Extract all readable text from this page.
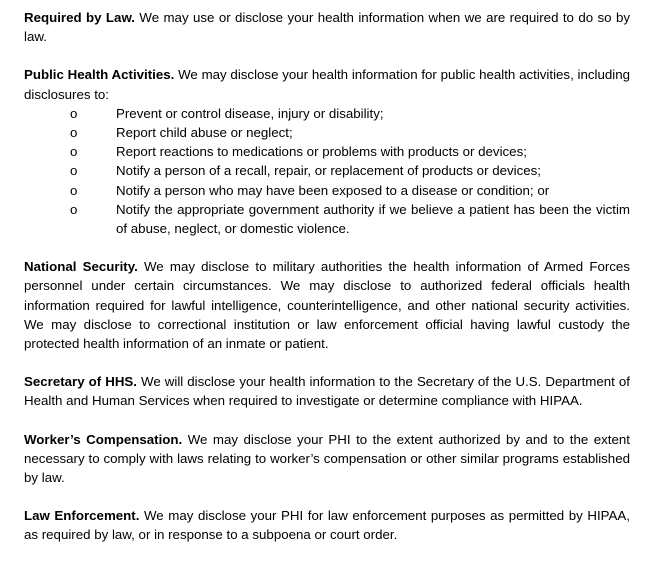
Required by Law. We may use or disclose your health information when we are required to do so by law.

Public Health Activities. We may disclose your health information for public health activities, including disclosures to:
o	Prevent or control disease, injury or disability;
o	Report child abuse or neglect;
o	Report reactions to medications or problems with products or devices;
o	Notify a person of a recall, repair, or replacement of products or devices;
o	Notify a person who may have been exposed to a disease or condition; or
o	Notify the appropriate government authority if we believe a patient has been the victim of abuse, neglect, or domestic violence.

National Security. We may disclose to military authorities the health information of Armed Forces personnel under certain circumstances. We may disclose to authorized federal officials health information required for lawful intelligence, counterintelligence, and other national security activities. We may disclose to correctional institution or law enforcement official having lawful custody the protected health information of an inmate or patient.

Secretary of HHS. We will disclose your health information to the Secretary of the U.S. Department of Health and Human Services when required to investigate or determine compliance with HIPAA.

Worker’s Compensation. We may disclose your PHI to the extent authorized by and to the extent necessary to comply with laws relating to worker’s compensation or other similar programs established by law.

Law Enforcement. We may disclose your PHI for law enforcement purposes as permitted by HIPAA, as required by law, or in response to a subpoena or court order.
